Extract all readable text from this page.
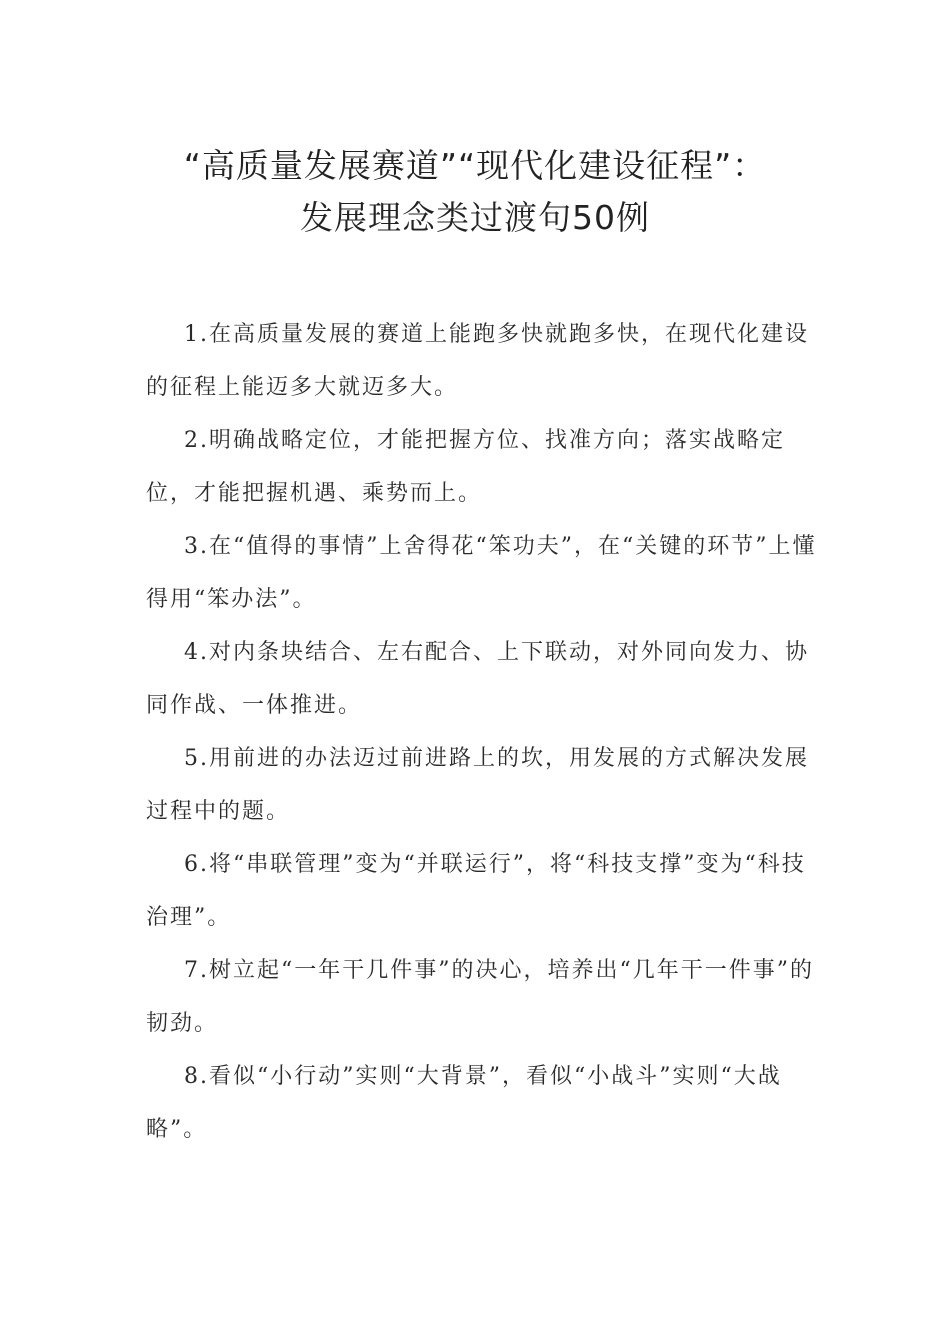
“高质量发展赛道”“现代化建设征程”：
发展理念类过渡句50例
1.在高质量发展的赛道上能跑多快就跑多快，在现代化建设的征程上能迈多大就迈多大。
2.明确战略定位，才能把握方位、找准方向；落实战略定位，才能把握机遇、乘势而上。
3.在“值得的事情”上舍得花“笨功夫”，在“关键的环节”上懂得用“笨办法”。
4.对内条块结合、左右配合、上下联动，对外同向发力、协同作战、一体推进。
5.用前进的办法迈过前进路上的坎，用发展的方式解决发展过程中的题。
6.将“串联管理”变为“并联运行”，将“科技支撑”变为“科技治理”。
7.树立起“一年干几件事”的决心，培养出“几年干一件事”的韧劲。
8.看似“小行动”实则“大背景”，看似“小战斗”实则“大战略”。
